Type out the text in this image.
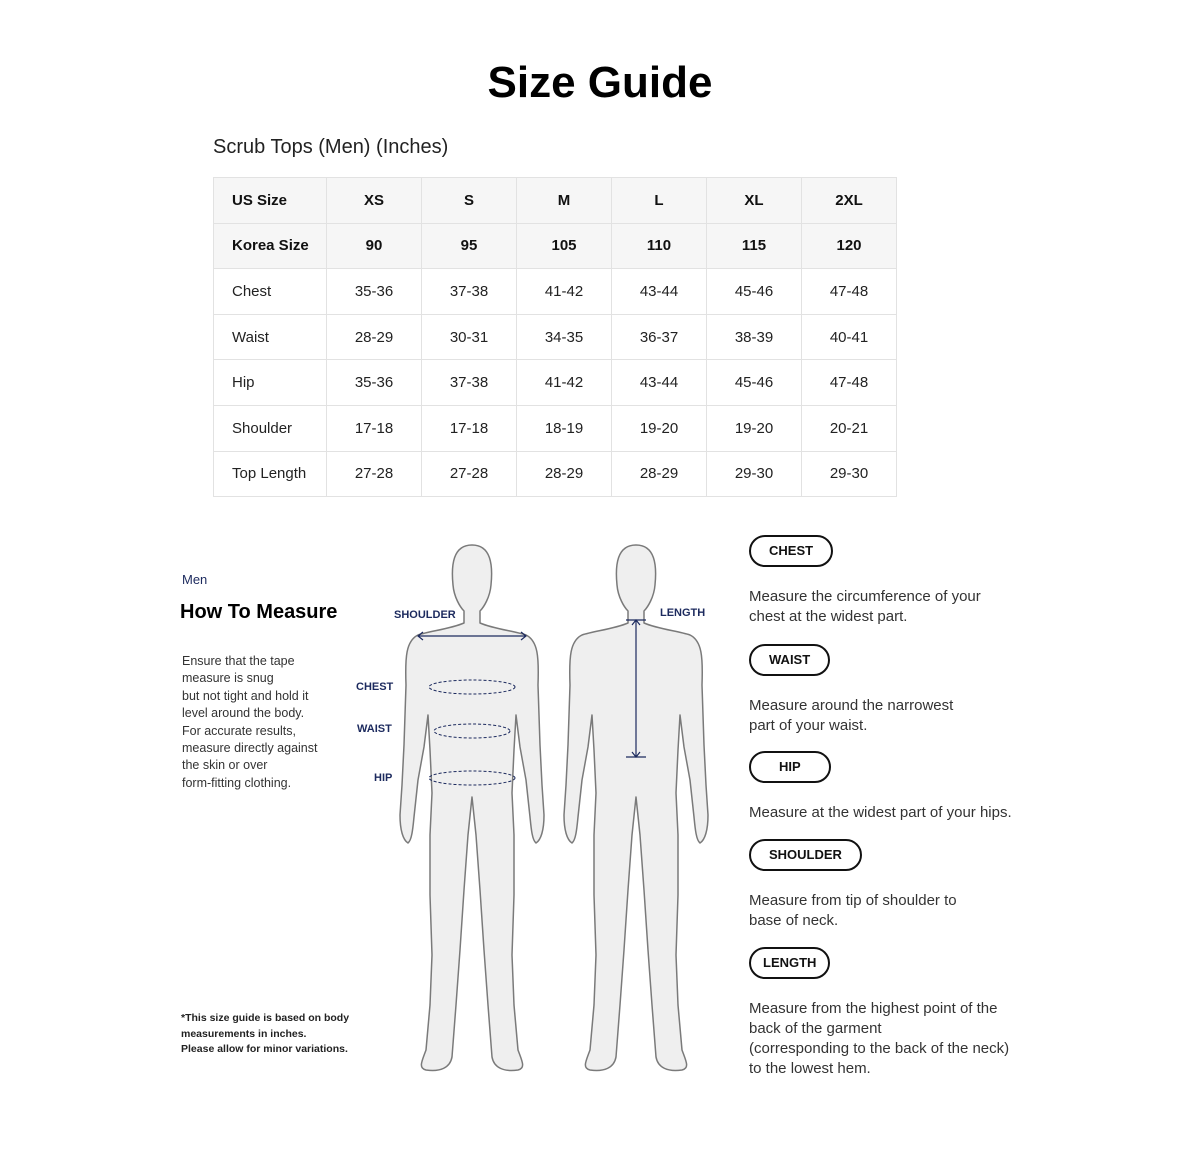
Size Guide
Scrub Tops (Men) (Inches)
US Size	XS	S	M	L	XL	2XL
Korea Size	90	95	105	110	115	120
Chest	35-36	37-38	41-42	43-44	45-46	47-48
Waist	28-29	30-31	34-35	36-37	38-39	40-41
Hip	35-36	37-38	41-42	43-44	45-46	47-48
Shoulder	17-18	17-18	18-19	19-20	19-20	20-21
Top Length	27-28	27-28	28-29	28-29	29-30	29-30
Men
How To Measure
Ensure that the tape
measure is snug
but not tight and hold it
level around the body.
For accurate results,
measure directly against
the skin or over
form-fitting clothing.
*This size guide is based on body
measurements in inches.
Please allow for minor variations.
SHOULDER
CHEST
WAIST
HIP
LENGTH
CHEST
Measure the circumference of your
chest at the widest part.
WAIST
Measure around the narrowest
part of your waist.
HIP
Measure at the widest part of your hips.
SHOULDER
Measure from tip of shoulder to
base of neck.
LENGTH
Measure from the highest point of the
back of the garment
(corresponding to the back of the neck)
to the lowest hem.
